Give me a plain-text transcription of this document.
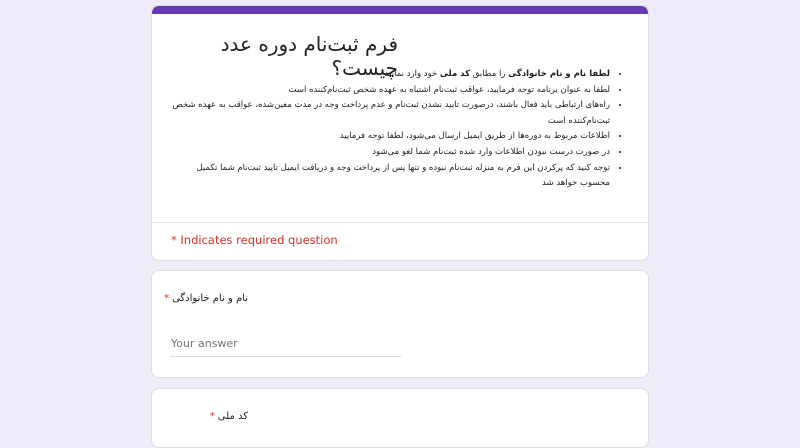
فرم ثبت‌نام دوره عدد چیست؟
•	لطفا نام و نام خانوادگی را مطابق کد ملی خود وارد نمایید
• لطفا به عنوان برنامه توجه فرمایید، عواقب ثبت‌نام اشتباه به عهده شخص ثبت‌نام‌کننده است
• راه‌های ارتباطی باید فعال باشند، درصورت تایید نشدن ثبت‌نام و عدم پرداخت وجه در مدت معین‌شده، عواقب به عهده شخص ثبت‌نام‌کننده است
• اطلاعات مربوط به دوره‌ها از طریق ایمیل ارسال می‌شود، لطفا توجه فرمایید
• در صورت درست نبودن اطلاعات وارد شده ثبت‌نام شما لغو می‌شود
• توجه کنید که پرکردن این فرم به منزله ثبت‌نام نبوده و تنها پس از پرداخت وجه و دریافت ایمیل تایید ثبت‌نام شما تکمیل محسوب خواهد شد
* Indicates required question
نام و نام خانوادگی*
Your answer
کد ملی*
